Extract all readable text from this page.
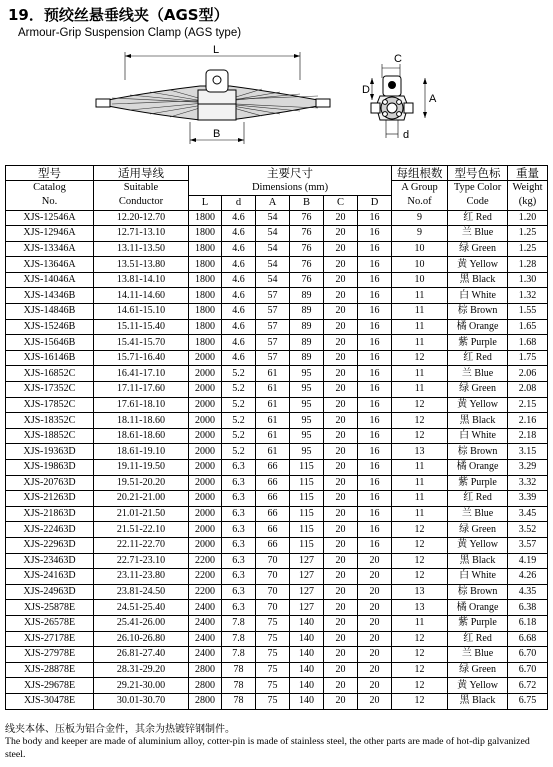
19．预绞丝悬垂线夹（AGS型）
Armour-Grip Suspension Clamp (AGS type)
L
B
C
D
A
d
型号	适用导线	主要尺寸						每组根数	型号色标	重量
Catalog	Suitable	Dimensions (mm)						A Group	Type Color	Weight
No.	Conductor	L	d	A	B	C	D	No.of	Code	(kg)
XJS-12546A	12.20-12.70	1800	4.6	54	76	20	16	9	红 Red	1.20
XJS-12946A	12.71-13.10	1800	4.6	54	76	20	16	9	兰 Blue	1.25
XJS-13346A	13.11-13.50	1800	4.6	54	76	20	16	10	绿 Green	1.25
XJS-13646A	13.51-13.80	1800	4.6	54	76	20	16	10	黄 Yellow	1.28
XJS-14046A	13.81-14.10	1800	4.6	54	76	20	16	10	黑 Black	1.30
XJS-14346B	14.11-14.60	1800	4.6	57	89	20	16	11	白 White	1.32
XJS-14846B	14.61-15.10	1800	4.6	57	89	20	16	11	棕 Brown	1.55
XJS-15246B	15.11-15.40	1800	4.6	57	89	20	16	11	橘 Orange	1.65
XJS-15646B	15.41-15.70	1800	4.6	57	89	20	16	11	紫 Purple	1.68
XJS-16146B	15.71-16.40	2000	4.6	57	89	20	16	12	红 Red	1.75
XJS-16852C	16.41-17.10	2000	5.2	61	95	20	16	11	兰 Blue	2.06
XJS-17352C	17.11-17.60	2000	5.2	61	95	20	16	11	绿 Green	2.08
XJS-17852C	17.61-18.10	2000	5.2	61	95	20	16	12	黄 Yellow	2.15
XJS-18352C	18.11-18.60	2000	5.2	61	95	20	16	12	黑 Black	2.16
XJS-18852C	18.61-18.60	2000	5.2	61	95	20	16	12	白 White	2.18
XJS-19363D	18.61-19.10	2000	5.2	61	95	20	16	13	棕 Brown	3.15
XJS-19863D	19.11-19.50	2000	6.3	66	115	20	16	11	橘 Orange	3.29
XJS-20763D	19.51-20.20	2000	6.3	66	115	20	16	11	紫 Purple	3.32
XJS-21263D	20.21-21.00	2000	6.3	66	115	20	16	11	红 Red	3.39
XJS-21863D	21.01-21.50	2000	6.3	66	115	20	16	11	兰 Blue	3.45
XJS-22463D	21.51-22.10	2000	6.3	66	115	20	16	12	绿 Green	3.52
XJS-22963D	22.11-22.70	2000	6.3	66	115	20	16	12	黄 Yellow	3.57
XJS-23463D	22.71-23.10	2200	6.3	70	127	20	20	12	黑 Black	4.19
XJS-24163D	23.11-23.80	2200	6.3	70	127	20	20	12	白 White	4.26
XJS-24963D	23.81-24.50	2200	6.3	70	127	20	20	13	棕 Brown	4.35
XJS-25878E	24.51-25.40	2400	6.3	70	127	20	20	13	橘 Orange	6.38
XJS-26578E	25.41-26.00	2400	7.8	75	140	20	20	11	紫 Purple	6.18
XJS-27178E	26.10-26.80	2400	7.8	75	140	20	20	12	红 Red	6.68
XJS-27978E	26.81-27.40	2400	7.8	75	140	20	20	12	兰 Blue	6.70
XJS-28878E	28.31-29.20	2800	78	75	140	20	20	12	绿 Green	6.70
XJS-29678E	29.21-30.00	2800	78	75	140	20	20	12	黄 Yellow	6.72
XJS-30478E	30.01-30.70	2800	78	75	140	20	20	12	黑 Black	6.75
线夹本体、压板为铝合金件，其余为热镀锌钢制件。
The body and keeper are made of aluminium alloy, cotter-pin is made of stainless steel, the other parts are made of hot-dip galvanized steel.
